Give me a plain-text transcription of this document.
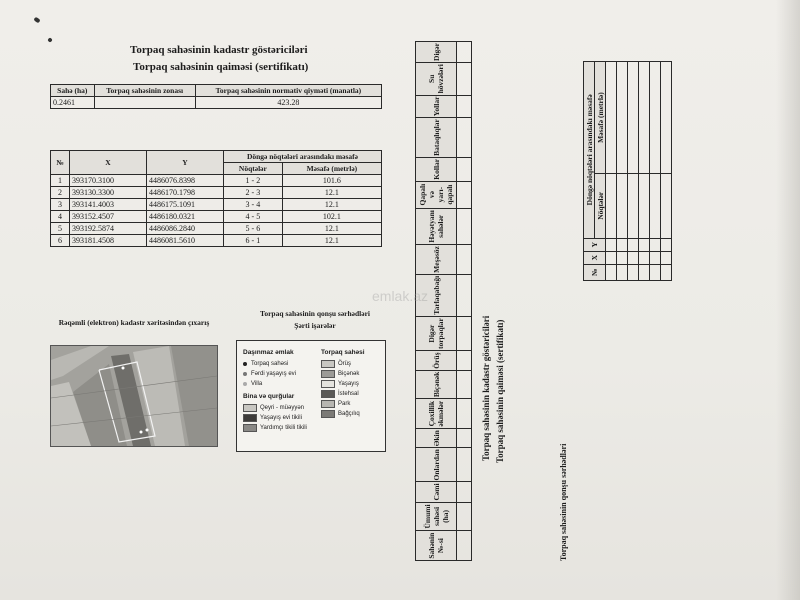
Torpaq sahəsinin kadastr göstəriciləri
Torpaq sahəsinin qaiməsi (sertifikatı)
Sahə (ha)	Torpaq sahəsinin zonası	Torpaq sahəsinin normativ qiyməti (manatla)
0.2461		423.28
№	X	Y	Döngə nöqtələri arasındakı məsafə	
			Nöqtələr	Məsafə (metrlə)
1	393170.3100	4486076.8398	1 - 2	101.6
2	393130.3300	4486170.1798	2 - 3	12.1
3	393141.4003	4486175.1091	3 - 4	12.1
4	393152.4507	4486180.0321	4 - 5	102.1
5	393192.5874	4486086.2840	5 - 6	12.1
6	393181.4508	4486081.5610	6 - 1	12.1
Rəqəmli (elektron) kadastr xəritəsindən çıxarış
Torpaq sahəsinin qonşu sərhədləri
Şərti işarələr
Daşınmaz əmlak
Torpaq sahəsi
Fərdi yaşayış evi
Villa
Bina və qurğular
Qeyri - müəyyən
Yaşayış evi tikili
Yardımçı tikili tikili
Torpaq sahəsi
Örüş
Biçənək
Yaşayış
İstehsal
Park
Bağçılıq	Torpaq sahəsinin kadastr göstəriciləri Torpaq sahəsinin qaiməsi (sertifikatı)
Sahənin №-si	Ümumi sahəsi (ha)	Cəmi	Onlardan	Əkin	Çoxillik əkmələr	Biçənək	Örüş	Digər torpaqlar	Tarlaqabağı	Meşəsöz	Həyətyanı sahələr	Qapalı və yarı-qapalı	Kollar	Bataqlıqlar	Yollar	Su hövzələri	Digər

Torpaq sahəsinin qonşu sərhədləri
№	X	Y	Döngə nöqtələri arasındakı məsafə	
			Nöqtələr	Məsafə (metrlə)

emlak.az
